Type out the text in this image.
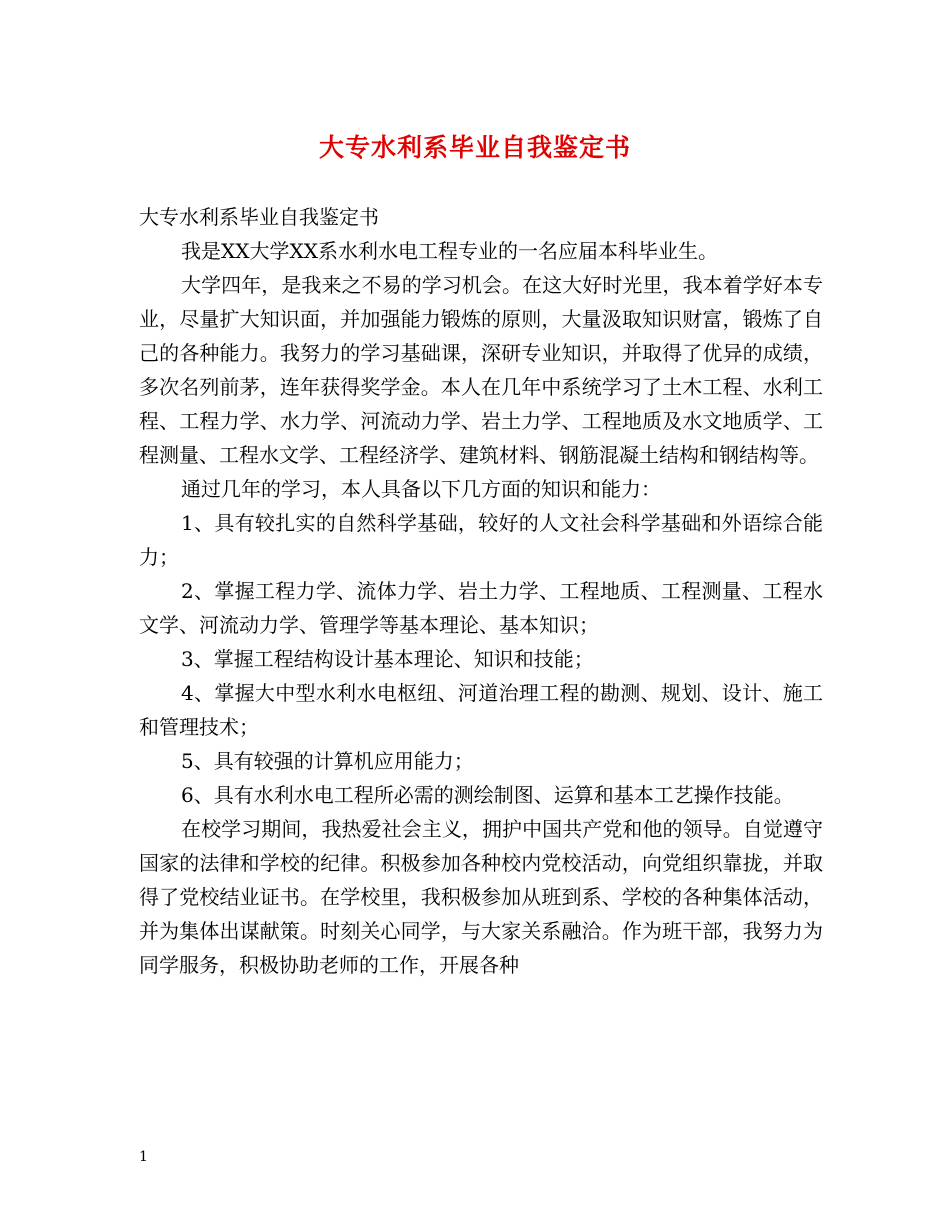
大专水利系毕业自我鉴定书

大专水利系毕业自我鉴定书

我是XX大学XX系水利水电工程专业的一名应届本科毕业生。

大学四年，是我来之不易的学习机会。在这大好时光里，我本着学好本专业，尽量扩大知识面，并加强能力锻炼的原则，大量汲取知识财富，锻炼了自己的各种能力。我努力的学习基础课，深研专业知识，并取得了优异的成绩，多次名列前茅，连年获得奖学金。本人在几年中系统学习了土木工程、水利工程、工程力学、水力学、河流动力学、岩土力学、工程地质及水文地质学、工程测量、工程水文学、工程经济学、建筑材料、钢筋混凝土结构和钢结构等。

通过几年的学习，本人具备以下几方面的知识和能力：

1、具有较扎实的自然科学基础，较好的人文社会科学基础和外语综合能力；

2、掌握工程力学、流体力学、岩土力学、工程地质、工程测量、工程水文学、河流动力学、管理学等基本理论、基本知识；

3、掌握工程结构设计基本理论、知识和技能；

4、掌握大中型水利水电枢纽、河道治理工程的勘测、规划、设计、施工和管理技术；

5、具有较强的计算机应用能力；

6、具有水利水电工程所必需的测绘制图、运算和基本工艺操作技能。

在校学习期间，我热爱社会主义，拥护中国共产党和他的领导。自觉遵守国家的法律和学校的纪律。积极参加各种校内党校活动，向党组织靠拢，并取得了党校结业证书。在学校里，我积极参加从班到系、学校的各种集体活动，并为集体出谋献策。时刻关心同学，与大家关系融洽。作为班干部，我努力为同学服务，积极协助老师的工作，开展各种

1
